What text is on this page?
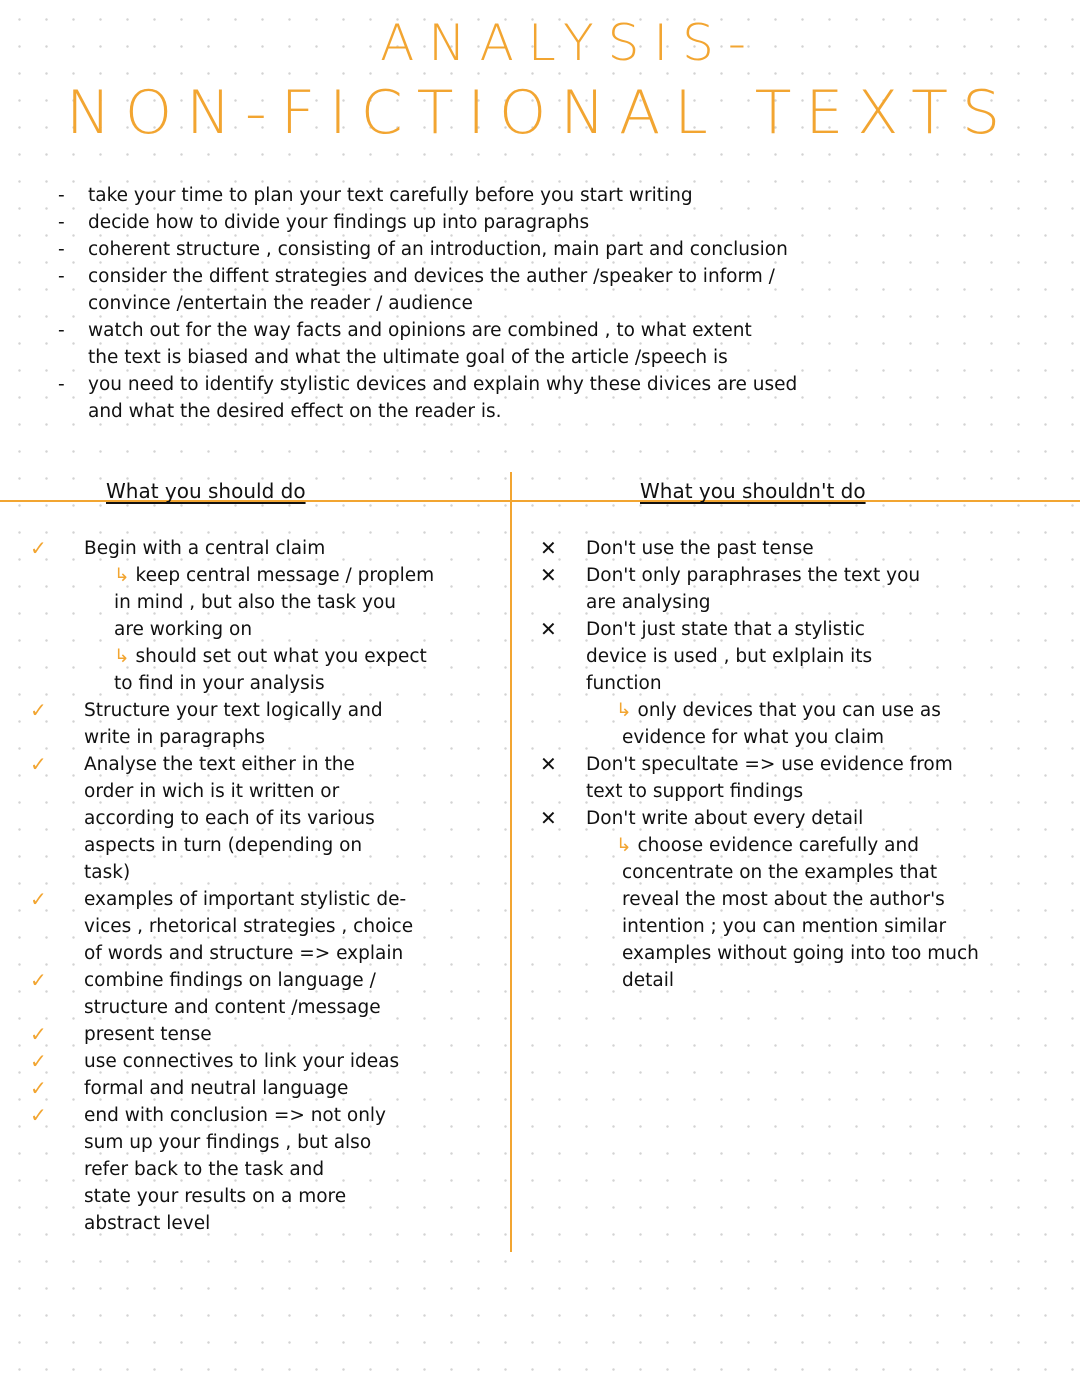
ANALYSIS-
NON-FICTIONAL TEXTS
-	take your time to plan your text carefully before you start writing
-	decide how to divide your findings up into paragraphs
-	coherent structure , consisting of an introduction, main part and conclusion
-	consider the diffent strategies and devices the auther /speaker to inform /
convince /entertain the reader / audience
-	watch out for the way facts and opinions are combined , to what extent
the text is biased and what the ultimate goal of the article /speech is
-	you need to identify stylistic devices and explain why these divices are used
and what the desired effect on the reader is.
What you should do	What you shouldn't do
✓	Begin with a central claim
↳ keep central message / proplem
in mind , but also the task you
are working on
↳ should set out what you expect
to find in your analysis
✓	Structure your text logically and
write in paragraphs
✓	Analyse the text either in the
order in wich is it written or
according to each of its various
aspects in turn (depending on
task)
✓	examples of important stylistic de-
vices , rhetorical strategies , choice
of words and structure => explain
✓	combine findings on language /
structure and content /message
✓	present tense
✓	use connectives to link your ideas
✓	formal and neutral language
✓	end with conclusion => not only
sum up your findings , but also
refer back to the task and
state your results on a more
abstract level
✕	Don't use the past tense
✕	Don't only paraphrases the text you
are analysing
✕	Don't just state that a stylistic
device is used , but exlplain its
function
↳ only devices that you can use as
evidence for what you claim
✕	Don't specultate => use evidence from
text to support findings
✕	Don't write about every detail
↳ choose evidence carefully and
concentrate on the examples that
reveal the most about the author's
intention ; you can mention similar
examples without going into too much
detail
